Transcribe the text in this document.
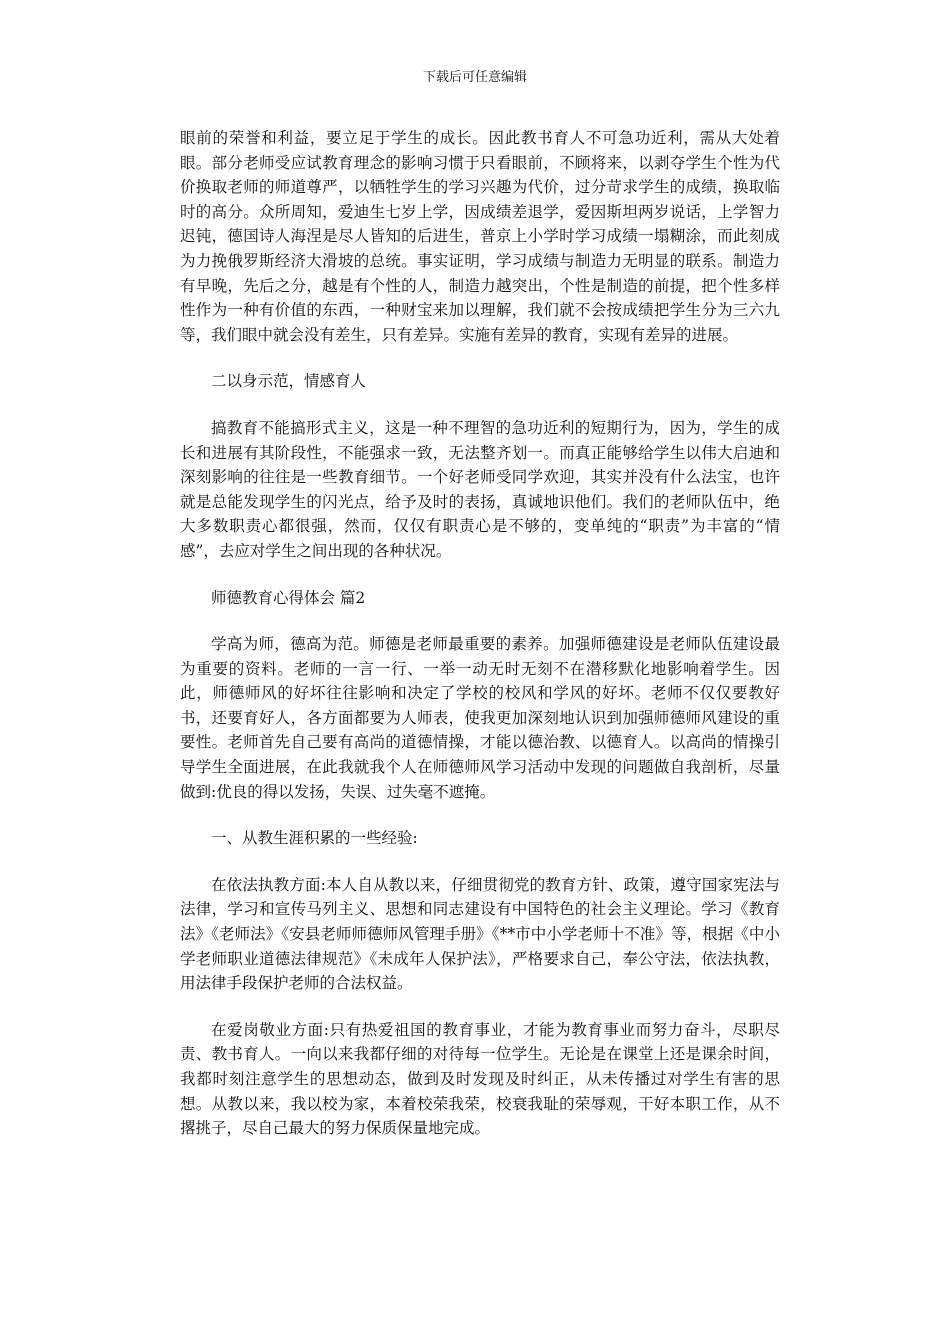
下载后可任意编辑

眼前的荣誉和利益，要立足于学生的成长。因此教书育人不可急功近利，需从大处着眼。部分老师受应试教育理念的影响习惯于只看眼前，不顾将来，以剥夺学生个性为代价换取老师的师道尊严，以牺牲学生的学习兴趣为代价，过分苛求学生的成绩，换取临时的高分。众所周知，爱迪生七岁上学，因成绩差退学，爱因斯坦两岁说话，上学智力迟钝，德国诗人海涅是尽人皆知的后进生，普京上小学时学习成绩一塌糊涂，而此刻成为力挽俄罗斯经济大滑坡的总统。事实证明，学习成绩与制造力无明显的联系。制造力有早晚，先后之分，越是有个性的人，制造力越突出，个性是制造的前提，把个性多样性作为一种有价值的东西，一种财宝来加以理解，我们就不会按成绩把学生分为三六九等，我们眼中就会没有差生，只有差异。实施有差异的教育，实现有差异的进展。

二以身示范，情感育人

搞教育不能搞形式主义，这是一种不理智的急功近利的短期行为，因为，学生的成长和进展有其阶段性，不能强求一致，无法整齐划一。而真正能够给学生以伟大启迪和深刻影响的往往是一些教育细节。一个好老师受同学欢迎，其实并没有什么法宝，也许就是总能发现学生的闪光点，给予及时的表扬，真诚地识他们。我们的老师队伍中，绝大多数职责心都很强，然而，仅仅有职责心是不够的，变单纯的“职责”为丰富的“情感”，去应对学生之间出现的各种状况。

师德教育心得体会 篇2

学高为师，德高为范。师德是老师最重要的素养。加强师德建设是老师队伍建设最为重要的资料。老师的一言一行、一举一动无时无刻不在潜移默化地影响着学生。因此，师德师风的好坏往往影响和决定了学校的校风和学风的好坏。老师不仅仅要教好书，还要育好人，各方面都要为人师表，使我更加深刻地认识到加强师德师风建设的重要性。老师首先自己要有高尚的道德情操，才能以德治教、以德育人。以高尚的情操引导学生全面进展，在此我就我个人在师德师风学习活动中发现的问题做自我剖析，尽量做到:优良的得以发扬，失误、过失毫不遮掩。

一、从教生涯积累的一些经验:

在依法执教方面:本人自从教以来，仔细贯彻党的教育方针、政策，遵守国家宪法与法律，学习和宣传马列主义、思想和同志建设有中国特色的社会主义理论。学习《教育法》《老师法》《安县老师师德师风管理手册》《**市中小学老师十不准》等，根据《中小学老师职业道德法律规范》《未成年人保护法》，严格要求自己，奉公守法，依法执教，用法律手段保护老师的合法权益。

在爱岗敬业方面:只有热爱祖国的教育事业，才能为教育事业而努力奋斗，尽职尽责、教书育人。一向以来我都仔细的对待每一位学生。无论是在课堂上还是课余时间，我都时刻注意学生的思想动态，做到及时发现及时纠正，从未传播过对学生有害的思想。从教以来，我以校为家，本着校荣我荣，校衰我耻的荣辱观，干好本职工作，从不撂挑子，尽自己最大的努力保质保量地完成。
